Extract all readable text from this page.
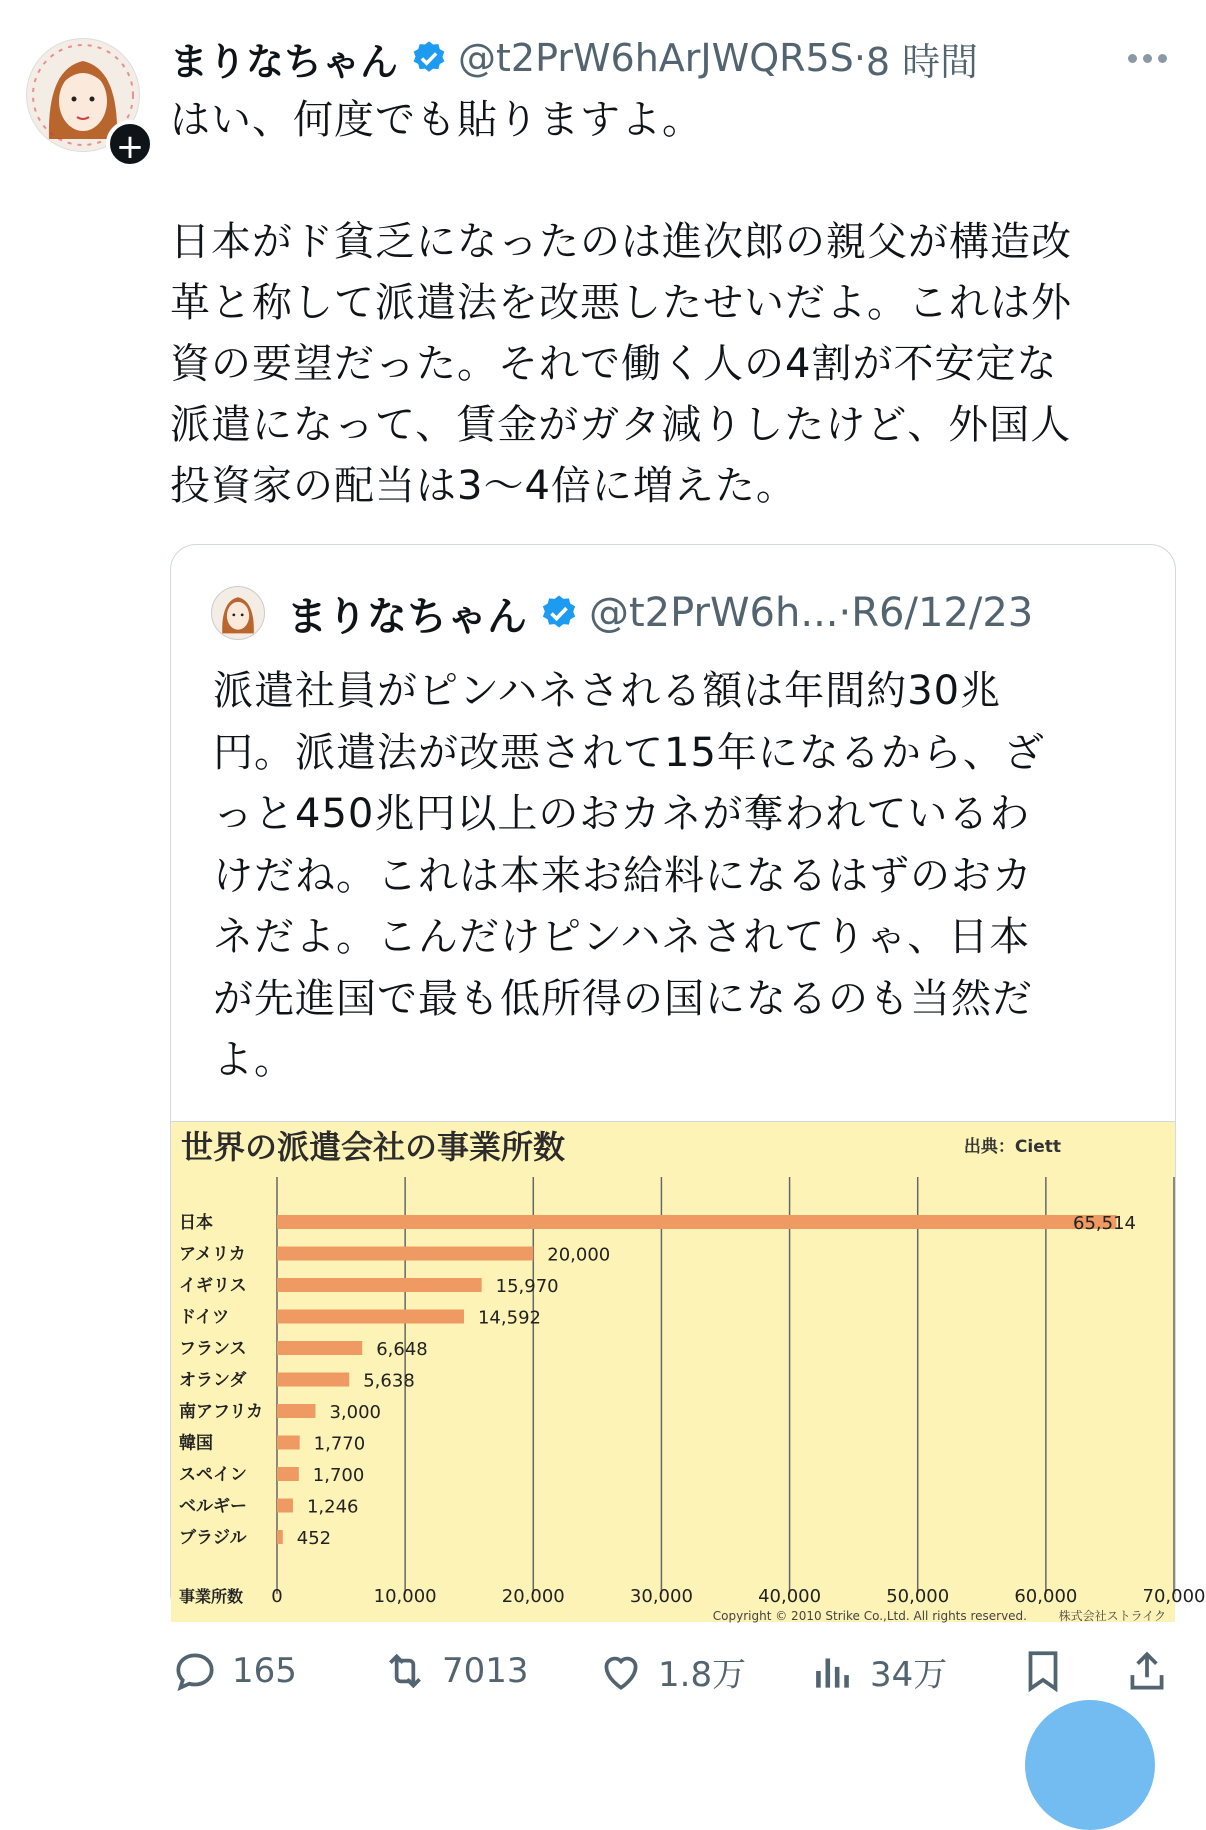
+
まりなちゃん @t2PrW6hArJWQR5S · 8 時間
はい、何度でも貼りますよ。

日本がド貧乏になったのは進次郎の親父が構造改
革と称して派遣法を改悪したせいだよ。これは外
資の要望だった。それで働く人の4割が不安定な
派遣になって、賃金がガタ減りしたけど、外国人
投資家の配当は3～4倍に増えた。
まりなちゃん @t2PrW6h... · R6/12/23
派遣社員がピンハネされる額は年間約30兆
円。派遣法が改悪されて15年になるから、ざ
っと450兆円以上のおカネが奪われているわ
けだね。これは本来お給料になるはずのおカ
ネだよ。こんだけピンハネされてりゃ、日本
が先進国で最も低所得の国になるのも当然だ
よ。
世界の派遣会社の事業所数	出典：Ciett
0	10,000	20,000	30,000	40,000	50,000	60,000	70,000
事業所数
日本	65,514
アメリカ	20,000
イギリス	15,970
ドイツ	14,592
フランス	6,648
オランダ	5,638
南アフリカ	3,000
韓国	1,770
スペイン	1,700
ベルギー	1,246
ブラジル	452
Copyright © 2010 Strike Co.,Ltd. All rights reserved.	株式会社ストライク
165	7013	1.8万	34万
